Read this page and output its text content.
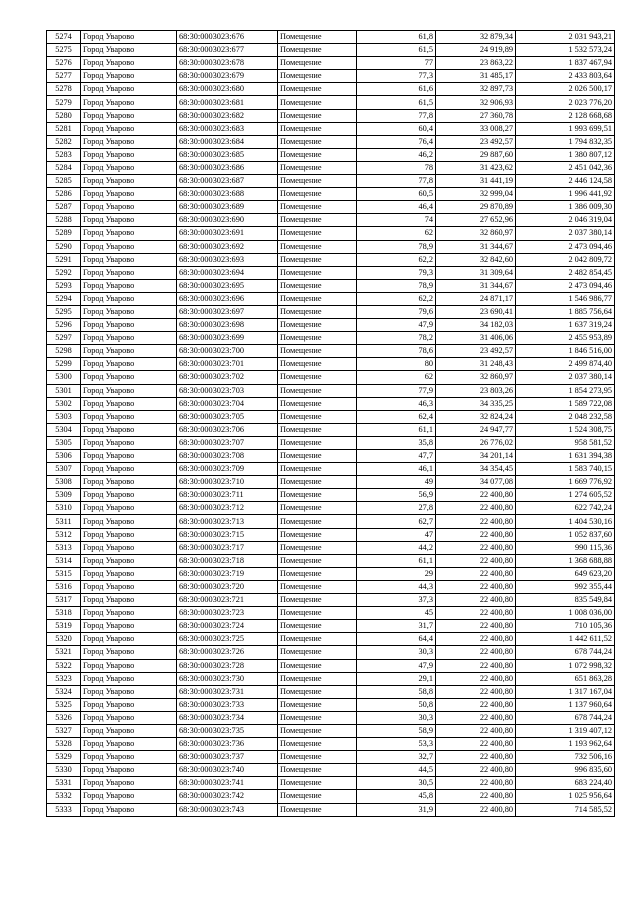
5274	Город Уварово	68:30:0003023:676	Помещение	61,8	32 879,34	2 031 943,21
5275	Город Уварово	68:30:0003023:677	Помещение	61,5	24 919,89	1 532 573,24
5276	Город Уварово	68:30:0003023:678	Помещение	77	23 863,22	1 837 467,94
5277	Город Уварово	68:30:0003023:679	Помещение	77,3	31 485,17	2 433 803,64
5278	Город Уварово	68:30:0003023:680	Помещение	61,6	32 897,73	2 026 500,17
5279	Город Уварово	68:30:0003023:681	Помещение	61,5	32 906,93	2 023 776,20
5280	Город Уварово	68:30:0003023:682	Помещение	77,8	27 360,78	2 128 668,68
5281	Город Уварово	68:30:0003023:683	Помещение	60,4	33 008,27	1 993 699,51
5282	Город Уварово	68:30:0003023:684	Помещение	76,4	23 492,57	1 794 832,35
5283	Город Уварово	68:30:0003023:685	Помещение	46,2	29 887,60	1 380 807,12
5284	Город Уварово	68:30:0003023:686	Помещение	78	31 423,62	2 451 042,36
5285	Город Уварово	68:30:0003023:687	Помещение	77,8	31 441,19	2 446 124,58
5286	Город Уварово	68:30:0003023:688	Помещение	60,5	32 999,04	1 996 441,92
5287	Город Уварово	68:30:0003023:689	Помещение	46,4	29 870,89	1 386 009,30
5288	Город Уварово	68:30:0003023:690	Помещение	74	27 652,96	2 046 319,04
5289	Город Уварово	68:30:0003023:691	Помещение	62	32 860,97	2 037 380,14
5290	Город Уварово	68:30:0003023:692	Помещение	78,9	31 344,67	2 473 094,46
5291	Город Уварово	68:30:0003023:693	Помещение	62,2	32 842,60	2 042 809,72
5292	Город Уварово	68:30:0003023:694	Помещение	79,3	31 309,64	2 482 854,45
5293	Город Уварово	68:30:0003023:695	Помещение	78,9	31 344,67	2 473 094,46
5294	Город Уварово	68:30:0003023:696	Помещение	62,2	24 871,17	1 546 986,77
5295	Город Уварово	68:30:0003023:697	Помещение	79,6	23 690,41	1 885 756,64
5296	Город Уварово	68:30:0003023:698	Помещение	47,9	34 182,03	1 637 319,24
5297	Город Уварово	68:30:0003023:699	Помещение	78,2	31 406,06	2 455 953,89
5298	Город Уварово	68:30:0003023:700	Помещение	78,6	23 492,57	1 846 516,00
5299	Город Уварово	68:30:0003023:701	Помещение	80	31 248,43	2 499 874,40
5300	Город Уварово	68:30:0003023:702	Помещение	62	32 860,97	2 037 380,14
5301	Город Уварово	68:30:0003023:703	Помещение	77,9	23 803,26	1 854 273,95
5302	Город Уварово	68:30:0003023:704	Помещение	46,3	34 335,25	1 589 722,08
5303	Город Уварово	68:30:0003023:705	Помещение	62,4	32 824,24	2 048 232,58
5304	Город Уварово	68:30:0003023:706	Помещение	61,1	24 947,77	1 524 308,75
5305	Город Уварово	68:30:0003023:707	Помещение	35,8	26 776,02	958 581,52
5306	Город Уварово	68:30:0003023:708	Помещение	47,7	34 201,14	1 631 394,38
5307	Город Уварово	68:30:0003023:709	Помещение	46,1	34 354,45	1 583 740,15
5308	Город Уварово	68:30:0003023:710	Помещение	49	34 077,08	1 669 776,92
5309	Город Уварово	68:30:0003023:711	Помещение	56,9	22 400,80	1 274 605,52
5310	Город Уварово	68:30:0003023:712	Помещение	27,8	22 400,80	622 742,24
5311	Город Уварово	68:30:0003023:713	Помещение	62,7	22 400,80	1 404 530,16
5312	Город Уварово	68:30:0003023:715	Помещение	47	22 400,80	1 052 837,60
5313	Город Уварово	68:30:0003023:717	Помещение	44,2	22 400,80	990 115,36
5314	Город Уварово	68:30:0003023:718	Помещение	61,1	22 400,80	1 368 688,88
5315	Город Уварово	68:30:0003023:719	Помещение	29	22 400,80	649 623,20
5316	Город Уварово	68:30:0003023:720	Помещение	44,3	22 400,80	992 355,44
5317	Город Уварово	68:30:0003023:721	Помещение	37,3	22 400,80	835 549,84
5318	Город Уварово	68:30:0003023:723	Помещение	45	22 400,80	1 008 036,00
5319	Город Уварово	68:30:0003023:724	Помещение	31,7	22 400,80	710 105,36
5320	Город Уварово	68:30:0003023:725	Помещение	64,4	22 400,80	1 442 611,52
5321	Город Уварово	68:30:0003023:726	Помещение	30,3	22 400,80	678 744,24
5322	Город Уварово	68:30:0003023:728	Помещение	47,9	22 400,80	1 072 998,32
5323	Город Уварово	68:30:0003023:730	Помещение	29,1	22 400,80	651 863,28
5324	Город Уварово	68:30:0003023:731	Помещение	58,8	22 400,80	1 317 167,04
5325	Город Уварово	68:30:0003023:733	Помещение	50,8	22 400,80	1 137 960,64
5326	Город Уварово	68:30:0003023:734	Помещение	30,3	22 400,80	678 744,24
5327	Город Уварово	68:30:0003023:735	Помещение	58,9	22 400,80	1 319 407,12
5328	Город Уварово	68:30:0003023:736	Помещение	53,3	22 400,80	1 193 962,64
5329	Город Уварово	68:30:0003023:737	Помещение	32,7	22 400,80	732 506,16
5330	Город Уварово	68:30:0003023:740	Помещение	44,5	22 400,80	996 835,60
5331	Город Уварово	68:30:0003023:741	Помещение	30,5	22 400,80	683 224,40
5332	Город Уварово	68:30:0003023:742	Помещение	45,8	22 400,80	1 025 956,64
5333	Город Уварово	68:30:0003023:743	Помещение	31,9	22 400,80	714 585,52
